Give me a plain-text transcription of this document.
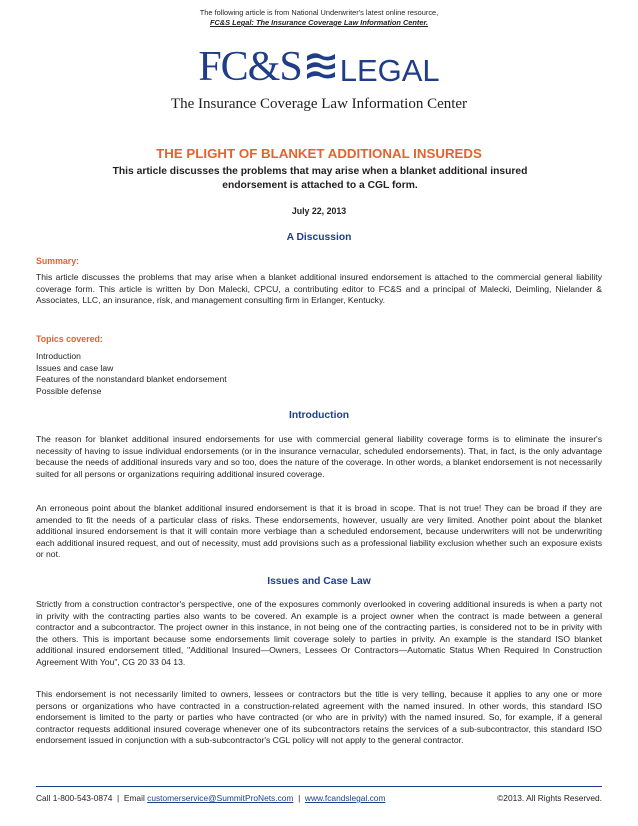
The following article is from National Underwriter's latest online resource,
FC&S Legal: The Insurance Coverage Law Information Center.
FC&S LEGAL
The Insurance Coverage Law Information Center
THE PLIGHT OF BLANKET ADDITIONAL INSUREDS
This article discusses the problems that may arise when a blanket additional insured endorsement is attached to a CGL form.
July 22, 2013
A Discussion
Summary:

This article discusses the problems that may arise when a blanket additional insured endorsement is attached to the commercial general liability coverage form. This article is written by Don Malecki, CPCU, a contributing editor to FC&S and a principal of Malecki, Deimling, Nielander & Associates, LLC, an insurance, risk, and management consulting firm in Erlanger, Kentucky.

Topics covered:
Introduction
Issues and case law
Features of the nonstandard blanket endorsement
Possible defense
Introduction

The reason for blanket additional insured endorsements for use with commercial general liability coverage forms is to eliminate the insurer's necessity of having to issue individual endorsements (or in the insurance vernacular, scheduled endorsements). That, in fact, is the only advantage because the needs of additional insureds vary and so too, does the nature of the coverage. In other words, a blanket endorsement is not necessarily suited for all persons or organizations requiring additional insured coverage.

An erroneous point about the blanket additional insured endorsement is that it is broad in scope. That is not true! They can be broad if they are amended to fit the needs of a particular class of risks. These endorsements, however, usually are very limited. Another point about the blanket additional insured endorsement is that it will contain more verbiage than a scheduled endorsement, because underwriters will not be underwriting each additional insured request, and out of necessity, must add provisions such as a professional liability exclusion whether such an exposure exists or not.

Issues and Case Law

Strictly from a construction contractor's perspective, one of the exposures commonly overlooked in covering additional insureds is when a party not in privity with the contracting parties also wants to be covered. An example is a project owner when the contract is made between a general contractor and a subcontractor. The project owner in this instance, in not being one of the contracting parties, is considered not to be in privity with the others. This is important because some endorsements limit coverage solely to parties in privity. An example is the standard ISO blanket additional insured endorsement titled, "Additional Insured—Owners, Lessees Or Contractors—Automatic Status When Required In Construction Agreement With You", CG 20 33 04 13.

This endorsement is not necessarily limited to owners, lessees or contractors but the title is very telling, because it applies to any one or more persons or organizations who have contracted in a construction-related agreement with the named insured. In other words, this standard ISO endorsement is limited to the party or parties who have contracted (or who are in privity) with the named insured. So, for example, if a general contractor requests additional insured coverage whenever one of its subcontractors retains the services of a sub-subcontractor, this standard ISO endorsement issued in conjunction with a sub-subcontractor's CGL policy will not apply to the general contractor.

Call 1-800-543-0874 | Email customerservice@SummitProNets.com | www.fcandslegal.com	©2013. All Rights Reserved.
